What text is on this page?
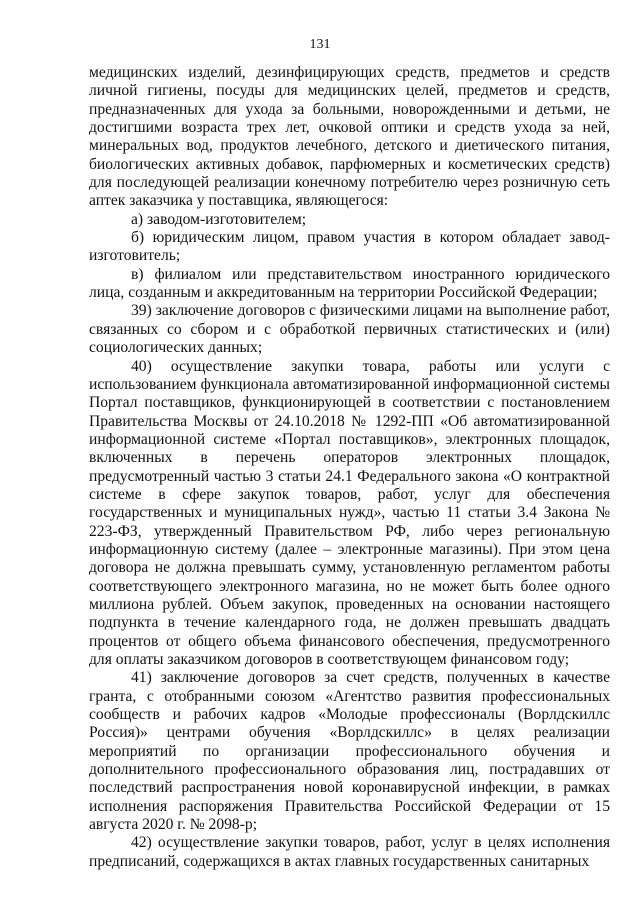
131

медицинских изделий, дезинфицирующих средств, предметов и средств личной гигиены, посуды для медицинских целей, предметов и средств, предназначенных для ухода за больными, новорожденными и детьми, не достигшими возраста трех лет, очковой оптики и средств ухода за ней, минеральных вод, продуктов лечебного, детского и диетического питания, биологических активных добавок, парфюмерных и косметических средств) для последующей реализации конечному потребителю через розничную сеть аптек заказчика у поставщика, являющегося:

а) заводом-изготовителем;

б) юридическим лицом, правом участия в котором обладает завод-изготовитель;

в) филиалом или представительством иностранного юридического лица, созданным и аккредитованным на территории Российской Федерации;

39) заключение договоров с физическими лицами на выполнение работ, связанных со сбором и с обработкой первичных статистических и (или) социологических данных;

40) осуществление закупки товара, работы или услуги с использованием функционала автоматизированной информационной системы Портал поставщиков, функционирующей в соответствии с постановлением Правительства Москвы от 24.10.2018 № 1292-ПП «Об автоматизированной информационной системе «Портал поставщиков», электронных площадок, включенных в перечень операторов электронных площадок, предусмотренный частью 3 статьи 24.1 Федерального закона «О контрактной системе в сфере закупок товаров, работ, услуг для обеспечения государственных и муниципальных нужд», частью 11 статьи 3.4 Закона № 223-ФЗ, утвержденный Правительством РФ, либо через региональную информационную систему (далее – электронные магазины). При этом цена договора не должна превышать сумму, установленную регламентом работы соответствующего электронного магазина, но не может быть более одного миллиона рублей. Объем закупок, проведенных на основании настоящего подпункта в течение календарного года, не должен превышать двадцать процентов от общего объема финансового обеспечения, предусмотренного для оплаты заказчиком договоров в соответствующем финансовом году;

41) заключение договоров за счет средств, полученных в качестве гранта, с отобранными союзом «Агентство развития профессиональных сообществ и рабочих кадров «Молодые профессионалы (Ворлдскиллс Россия)» центрами обучения «Ворлдскиллс» в целях реализации мероприятий по организации профессионального обучения и дополнительного профессионального образования лиц, пострадавших от последствий распространения новой коронавирусной инфекции, в рамках исполнения распоряжения Правительства Российской Федерации от 15 августа 2020 г. № 2098-р;

42) осуществление закупки товаров, работ, услуг в целях исполнения предписаний, содержащихся в актах главных государственных санитарных
